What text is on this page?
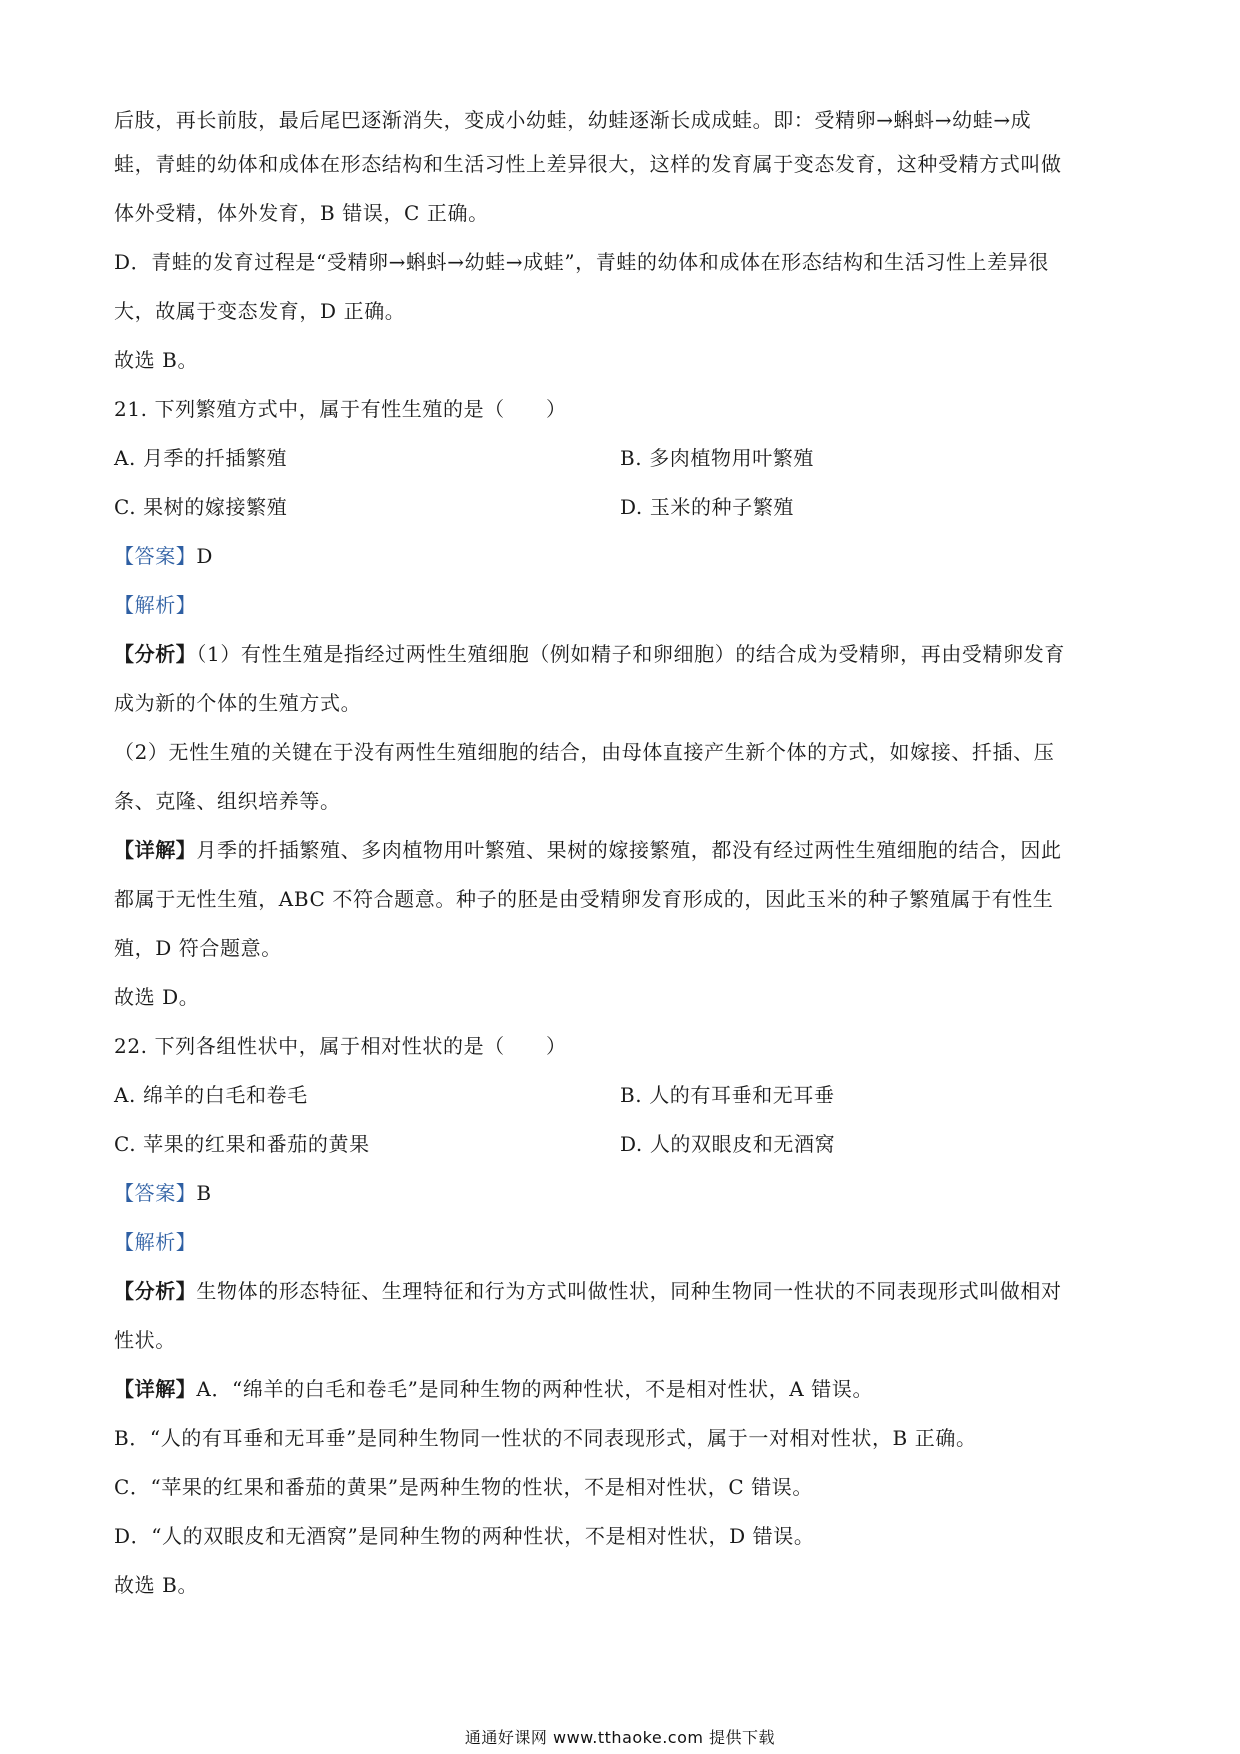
后肢，再长前肢，最后尾巴逐渐消失，变成小幼蛙，幼蛙逐渐长成成蛙。即：受精卵→蝌蚪→幼蛙→成
蛙，青蛙的幼体和成体在形态结构和生活习性上差异很大，这样的发育属于变态发育，这种受精方式叫做
体外受精，体外发育，B 错误，C 正确。
D．青蛙的发育过程是“受精卵→蝌蚪→幼蛙→成蛙”，青蛙的幼体和成体在形态结构和生活习性上差异很
大，故属于变态发育，D 正确。
故选 B。
21. 下列繁殖方式中，属于有性生殖的是（　　）
A. 月季的扦插繁殖	B. 多肉植物用叶繁殖
C. 果树的嫁接繁殖	D. 玉米的种子繁殖
【答案】D
【解析】
【分析】（1）有性生殖是指经过两性生殖细胞（例如精子和卵细胞）的结合成为受精卵，再由受精卵发育
成为新的个体的生殖方式。
（2）无性生殖的关键在于没有两性生殖细胞的结合，由母体直接产生新个体的方式，如嫁接、扦插、压
条、克隆、组织培养等。
【详解】月季的扦插繁殖、多肉植物用叶繁殖、果树的嫁接繁殖，都没有经过两性生殖细胞的结合，因此
都属于无性生殖，ABC 不符合题意。种子的胚是由受精卵发育形成的，因此玉米的种子繁殖属于有性生
殖，D 符合题意。
故选 D。
22. 下列各组性状中，属于相对性状的是（　　）
A. 绵羊的白毛和卷毛	B. 人的有耳垂和无耳垂
C. 苹果的红果和番茄的黄果	D. 人的双眼皮和无酒窝
【答案】B
【解析】
【分析】生物体的形态特征、生理特征和行为方式叫做性状，同种生物同一性状的不同表现形式叫做相对
性状。
【详解】A．“绵羊的白毛和卷毛”是同种生物的两种性状，不是相对性状，A 错误。
B．“人的有耳垂和无耳垂”是同种生物同一性状的不同表现形式，属于一对相对性状，B 正确。
C．“苹果的红果和番茄的黄果”是两种生物的性状，不是相对性状，C 错误。
D．“人的双眼皮和无酒窝”是同种生物的两种性状，不是相对性状，D 错误。
故选 B。
通通好课网 www.tthaoke.com 提供下载
